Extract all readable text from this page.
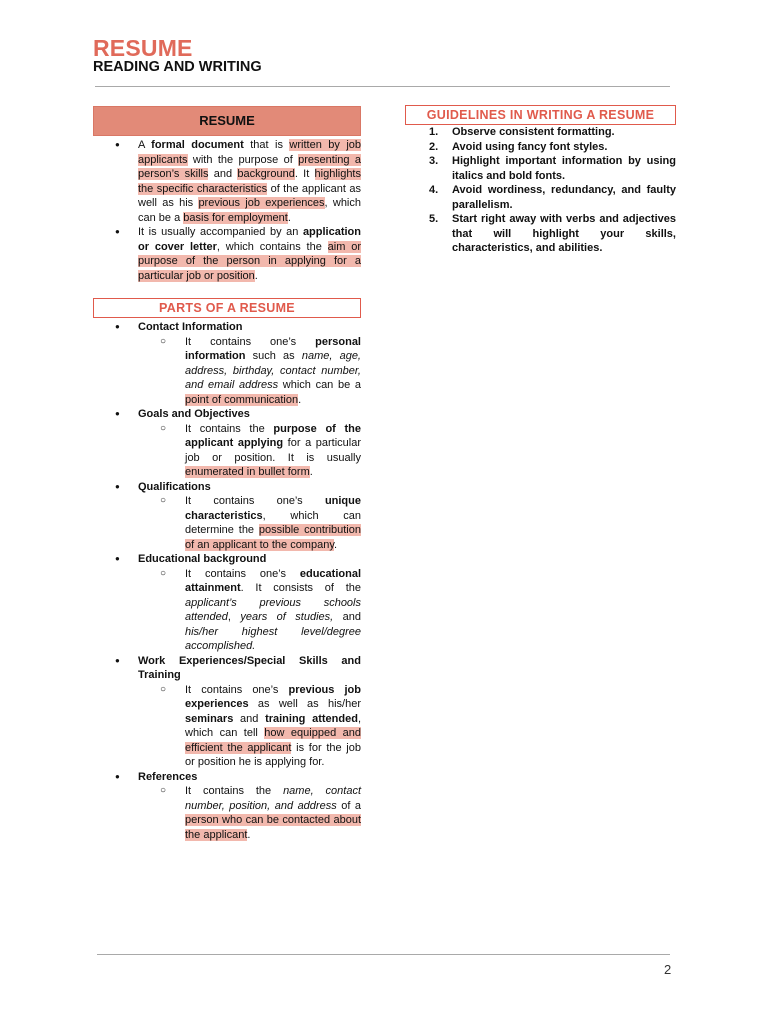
RESUME
READING AND WRITING
RESUME
● A formal document that is written by job applicants with the purpose of presenting a person’s skills and background. It highlights the specific characteristics of the applicant as well as his previous job experiences, which can be a basis for employment.
● It is usually accompanied by an application or cover letter, which contains the aim or purpose of the person in applying for a particular job or position.
PARTS OF A RESUME
● Contact Information
○ It contains one’s personal information such as name, age, address, birthday, contact number, and email address which can be a point of communication.
● Goals and Objectives
○ It contains the purpose of the applicant applying for a particular job or position. It is usually enumerated in bullet form.
● Qualifications
○ It contains one’s unique characteristics, which can determine the possible contribution of an applicant to the company.
● Educational background
○ It contains one’s educational attainment. It consists of the applicant’s previous schools attended, years of studies, and his/her highest level/degree accomplished.
● Work Experiences/Special Skills and Training
○ It contains one’s previous job experiences as well as his/her seminars and training attended, which can tell how equipped and efficient the applicant is for the job or position he is applying for.
● References
○ It contains the name, contact number, position, and address of a person who can be contacted about the applicant.
GUIDELINES IN WRITING A RESUME
1. Observe consistent formatting.
2. Avoid using fancy font styles.
3. Highlight important information by using italics and bold fonts.
4. Avoid wordiness, redundancy, and faulty parallelism.
5. Start right away with verbs and adjectives that will highlight your skills, characteristics, and abilities.
2
